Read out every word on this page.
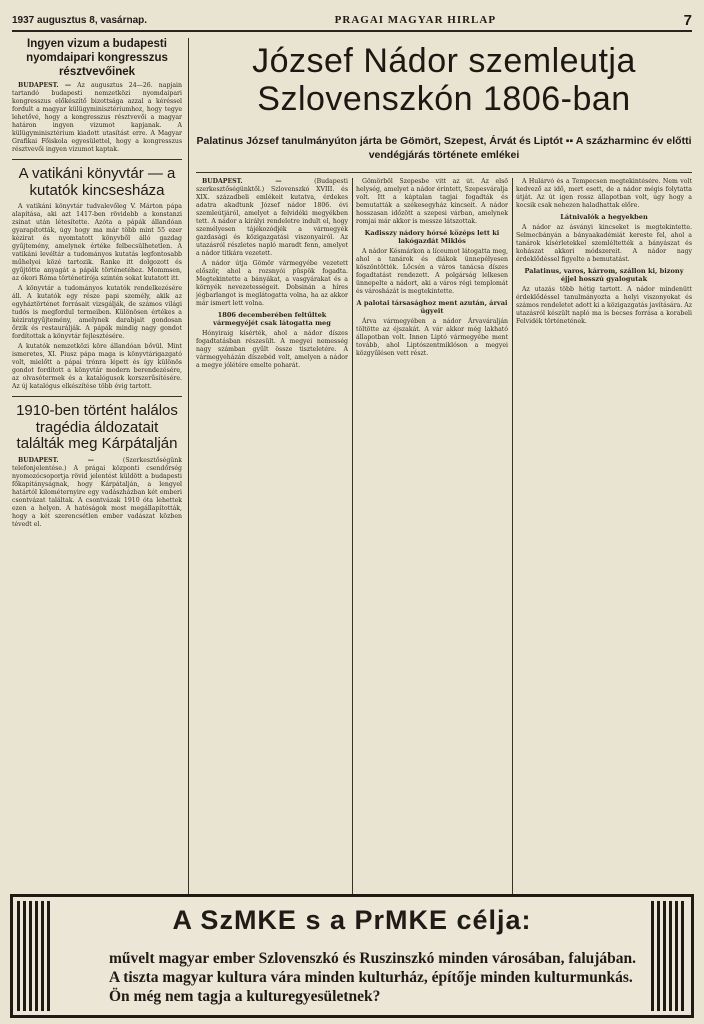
1937 augusztus 8, vasárnap.	PRAGAI MAGYAR HIRLAP	7
Ingyen vizum a budapesti nyomdaipari kongresszus résztvevőinek

BUDAPEST. — Az augusztus 24—26. napjain tartandó budapesti nemzetközi nyomdaipari kongresszus előkészítő bizottsága azzal a kéréssel fordult a magyar külügyminisztériumhoz, hogy tegye lehetővé, hogy a kongresszus résztvevői a magyar határon ingyen vizumot kapjanak. A külügyminisztérium kiadott utasítást erre. A Magyar Grafikai Főiskola egyesülettel, hogy a kongresszus résztvevői ingyen vizumot kaptak.

A vatikáni könyvtár — a kutatók kincsesháza

A vatikáni könyvtár tudvalevőleg V. Márton pápa alapítása, aki azt 1417-ben rövidebb a konstanzi zsinat után létesítette. Azóta a pápák állandóan gyarapították, úgy hogy ma már több mint 55 ezer kézirat és nyomtatott könyvből álló gazdag gyűjtemény, amelynek értéke felbecsülhetetlen. A vatikáni levéltár a tudományos kutatás legfontosabb műhelyei közé tartozik. Ranke itt dolgozott és gyűjtötte anyagát a pápák történetéhez. Mommsen, az ókori Róma történetírója szintén sokat kutatott itt.

A könyvtár a tudományos kutatók rendelkezésére áll. A kutatók egy része papi személy, akik az egyháztörténet forrásait vizsgálják, de számos világi tudós is megfordul termeiben. Különösen értékes a kéziratgyűjtemény, amelynek darabjait gondosan őrzik és restaurálják. A pápák mindig nagy gondot fordítottak a könyvtár fejlesztésére.

A kutatók nemzetközi köre állandóan bővül. Mint ismeretes, XI. Piusz pápa maga is könyvtárigazgató volt, mielőtt a pápai trónra lépett és így különös gondot fordított a könyvtár modern berendezésére, az olvasótermek és a katalógusok korszerűsítésére. Az új katalógus elkészítése több évig tartott.

1910-ben történt halálos tragédia áldozatait találták meg Kárpátalján

BUDAPEST. —	(Szerkesztőségünk telefonjelentése.) A prágai központi csendőrség nyomozócsoportja rövid jelentést küldött a budapesti főkapitányságnak, hogy Kárpátalján, a lengyel határtól kilométernyire egy vadászházban két emberi csontvázat találtak. A csontvázak 1910 óta lehettek ezen a helyen. A hatóságok most megállapították, hogy a két szerencsétlen ember vadászat közben tévedt el.

József Nádor szemleutja
Szlovenszkón 1806-ban
Palatinus József tanulmányúton járta be Gömört, Szepest, Árvát és Liptót ▪▪ A százharminc év előtti vendégjárás története emlékei

BUDAPEST. —	(Budapesti szerkesztőségünktől.) Szlovenszkó XVIII. és XIX. századbeli emlékeit kutatva, érdekes adatra akadtunk József nádor 1806. évi szemleútjáról, amelyet a felvidéki megyékben tett. A nádor a királyi rendeletre indult el, hogy személyesen tájékozódjék a vármegyék gazdasági és közigazgatási viszonyairól. Az utazásról részletes napló maradt fenn, amelyet a nádor titkára vezetett.

A nádor útja Gömör vármegyébe vezetett először, ahol a rozsnyói püspök fogadta. Megtekintette a bányákat, a vasgyárakat és a környék nevezetességeit. Dobsinán a híres jégbarlangot is meglátogatta volna, ha az akkor már ismert lett volna.

1806 decemberében feltűltek vármegyéjét csak látogatta meg

Hónyiraig kísérték, ahol a nádor díszes fogadtatásban részesült. A megyei nemesség nagy számban gyűlt össze tiszteletére. A vármegyeházán díszebéd volt, amelyen a nádor a megye jólétére emelte poharát.

Gömörből Szepesbe vitt az út. Az első helység, amelyet a nádor érintett, Szepesváralja volt. Itt a káptalan tagjai fogadták és bemutatták a székesegyház kincseit. A nádor hosszasan időzött a szepesi várban, amelynek romjai már akkor is messze látszottak.

Kadisszy nádory hórsé középs lett ki lakógazdát Miklós

A nádor Késmárkon a líceumot látogatta meg, ahol a tanárok és diákok ünnepélyesen köszöntötték. Lőcsén a város tanácsa díszes fogadtatást rendezett. A polgárság lelkesen ünnepelte a nádort, aki a város régi templomát és városházát is megtekintette.

A palotai társasághoz ment azután, árvai ügyeit

Árva vármegyében a nádor Árvaváralján töltötte az éjszakát. A vár akkor még lakható állapotban volt. Innen Liptó vármegyébe ment tovább, ahol Liptószentmiklóson a megyei közgyűlésen vett részt.

A Hulárvó és a Tempecsen megtekintésére. Nem volt kedvező az idő, mert esett, de a nádor mégis folytatta útját. Az út igen rossz állapotban volt, úgy hogy a kocsik csak nehezen haladhattak előre.

Látnivalók a hegyekben

A nádor az ásványi kincseket is megtekintette. Selmecbányán a bányaakadémiát kereste fel, ahol a tanárok kísérletekkel szemléltették a bányászat és kohászat akkori módszereit. A nádor nagy érdeklődéssel figyelte a bemutatást.

Palatinus, varos, kárrom, szállon ki, bizony éjjel hosszú gyalogutak

Az utazás több hétig tartott. A nádor mindenütt érdeklődéssel tanulmányozta a helyi viszonyokat és számos rendeletet adott ki a közigazgatás javítására. Az utazásról készült napló ma is becses forrása a korabeli Felvidék történetének.

A SzMKE s a PrMKE célja:
művelt magyar ember Szlovenszkó és Ruszinszkó minden városában, falujában. A tiszta magyar kultura vára minden kulturház, építője minden kulturmunkás. Ön még nem tagja a kulturegyesületnek?
